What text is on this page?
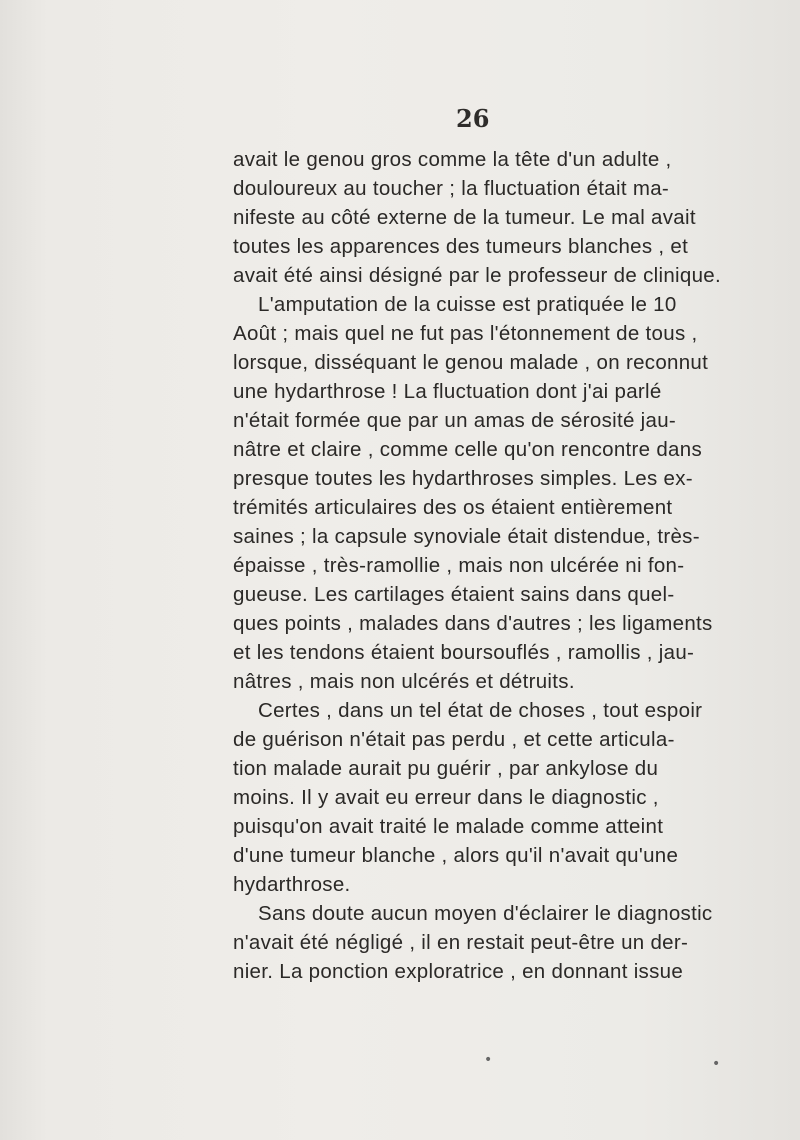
26
avait le genou gros comme la tête d'un adulte ,
douloureux au toucher ; la fluctuation était ma-
nifeste au côté externe de la tumeur. Le mal avait
toutes les apparences des tumeurs blanches , et
avait été ainsi désigné par le professeur de clinique.
L'amputation de la cuisse est pratiquée le 10
Août ; mais quel ne fut pas l'étonnement de tous ,
lorsque, disséquant le genou malade , on reconnut
une hydarthrose ! La fluctuation dont j'ai parlé
n'était formée que par un amas de sérosité jau-
nâtre et claire , comme celle qu'on rencontre dans
presque toutes les hydarthroses simples. Les ex-
trémités articulaires des os étaient entièrement
saines ; la capsule synoviale était distendue, très-
épaisse , très-ramollie , mais non ulcérée ni fon-
gueuse. Les cartilages étaient sains dans quel-
ques points , malades dans d'autres ; les ligaments
et les tendons étaient boursouflés , ramollis , jau-
nâtres , mais non ulcérés et détruits.
Certes , dans un tel état de choses , tout espoir
de guérison n'était pas perdu , et cette articula-
tion malade aurait pu guérir , par ankylose du
moins. Il y avait eu erreur dans le diagnostic ,
puisqu'on avait traité le malade comme atteint
d'une tumeur blanche , alors qu'il n'avait qu'une
hydarthrose.
Sans doute aucun moyen d'éclairer le diagnostic
n'avait été négligé , il en restait peut-être un der-
nier. La ponction exploratrice , en donnant issue
•	•
